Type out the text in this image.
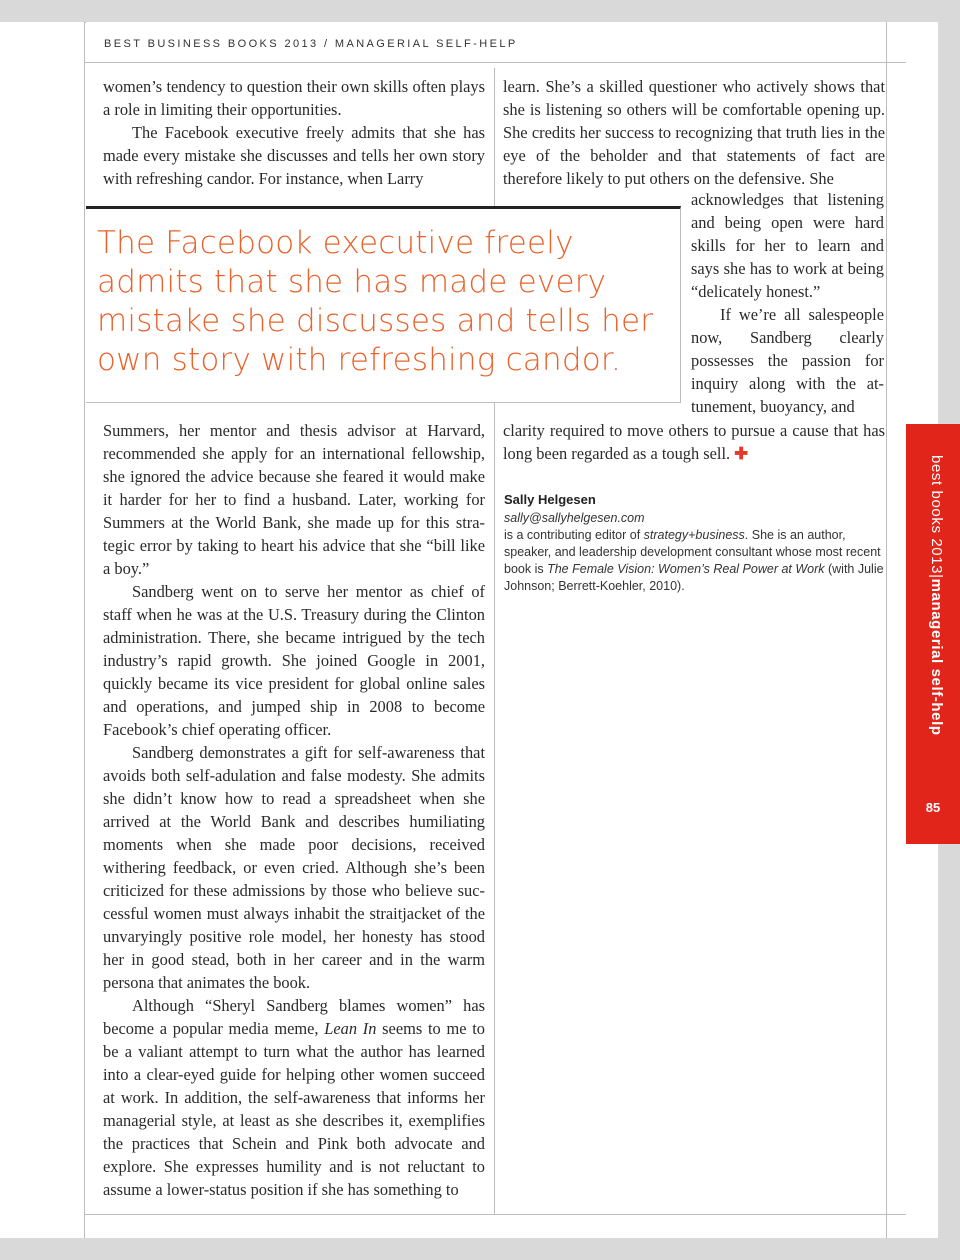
BEST BUSINESS BOOKS 2013 / MANAGERIAL SELF-HELP

women’s tendency to question their own skills often plays a role in limiting their opportunities.

The Facebook executive freely admits that she has made every mistake she discusses and tells her own story with refreshing candor. For instance, when Larry

The Facebook executive freely admits that she has made every mistake she discusses and tells her own story with refreshing candor.

Summers, her mentor and thesis advisor at Harvard, recommended she apply for an international fellowship, she ignored the advice because she feared it would make it harder for her to find a husband. Later, working for Summers at the World Bank, she made up for this strategic error by taking to heart his advice that she “bill like a boy.”

Sandberg went on to serve her mentor as chief of staff when he was at the U.S. Treasury during the Clinton administration. There, she became intrigued by the tech industry’s rapid growth. She joined Google in 2001, quickly became its vice president for global online sales and operations, and jumped ship in 2008 to become Facebook’s chief operating officer.

Sandberg demonstrates a gift for self-awareness that avoids both self-adulation and false modesty. She admits she didn’t know how to read a spreadsheet when she arrived at the World Bank and describes humiliating moments when she made poor decisions, received withering feedback, or even cried. Although she’s been criticized for these admissions by those who believe successful women must always inhabit the straitjacket of the unvaryingly positive role model, her honesty has stood her in good stead, both in her career and in the warm persona that animates the book.

Although “Sheryl Sandberg blames women” has become a popular media meme, Lean In seems to me to be a valiant attempt to turn what the author has learned into a clear-eyed guide for helping other women succeed at work. In addition, the self-awareness that informs her managerial style, at least as she describes it, exemplifies the practices that Schein and Pink both advocate and explore. She expresses humility and is not reluctant to assume a lower-status position if she has something to

learn. She’s a skilled questioner who actively shows that she is listening so others will be comfortable opening up. She credits her success to recognizing that truth lies in the eye of the beholder and that statements of fact are therefore likely to put others on the defensive. She

acknowledges that listening and being open were hard skills for her to learn and says she has to work at being “delicately honest.”

If we’re all salespeople now, Sandberg clearly possesses the passion for inquiry along with the attunement, buoyancy, and

clarity required to move others to pursue a cause that has long been regarded as a tough sell. ✚

Sally Helgesen
sally@sallyhelgesen.com
is a contributing editor of strategy+business. She is an author, speaker, and leadership development consultant whose most recent book is The Female Vision: Women’s Real Power at Work (with Julie Johnson; Berrett-Koehler, 2010).
best books 2013|managerial self-help
85
